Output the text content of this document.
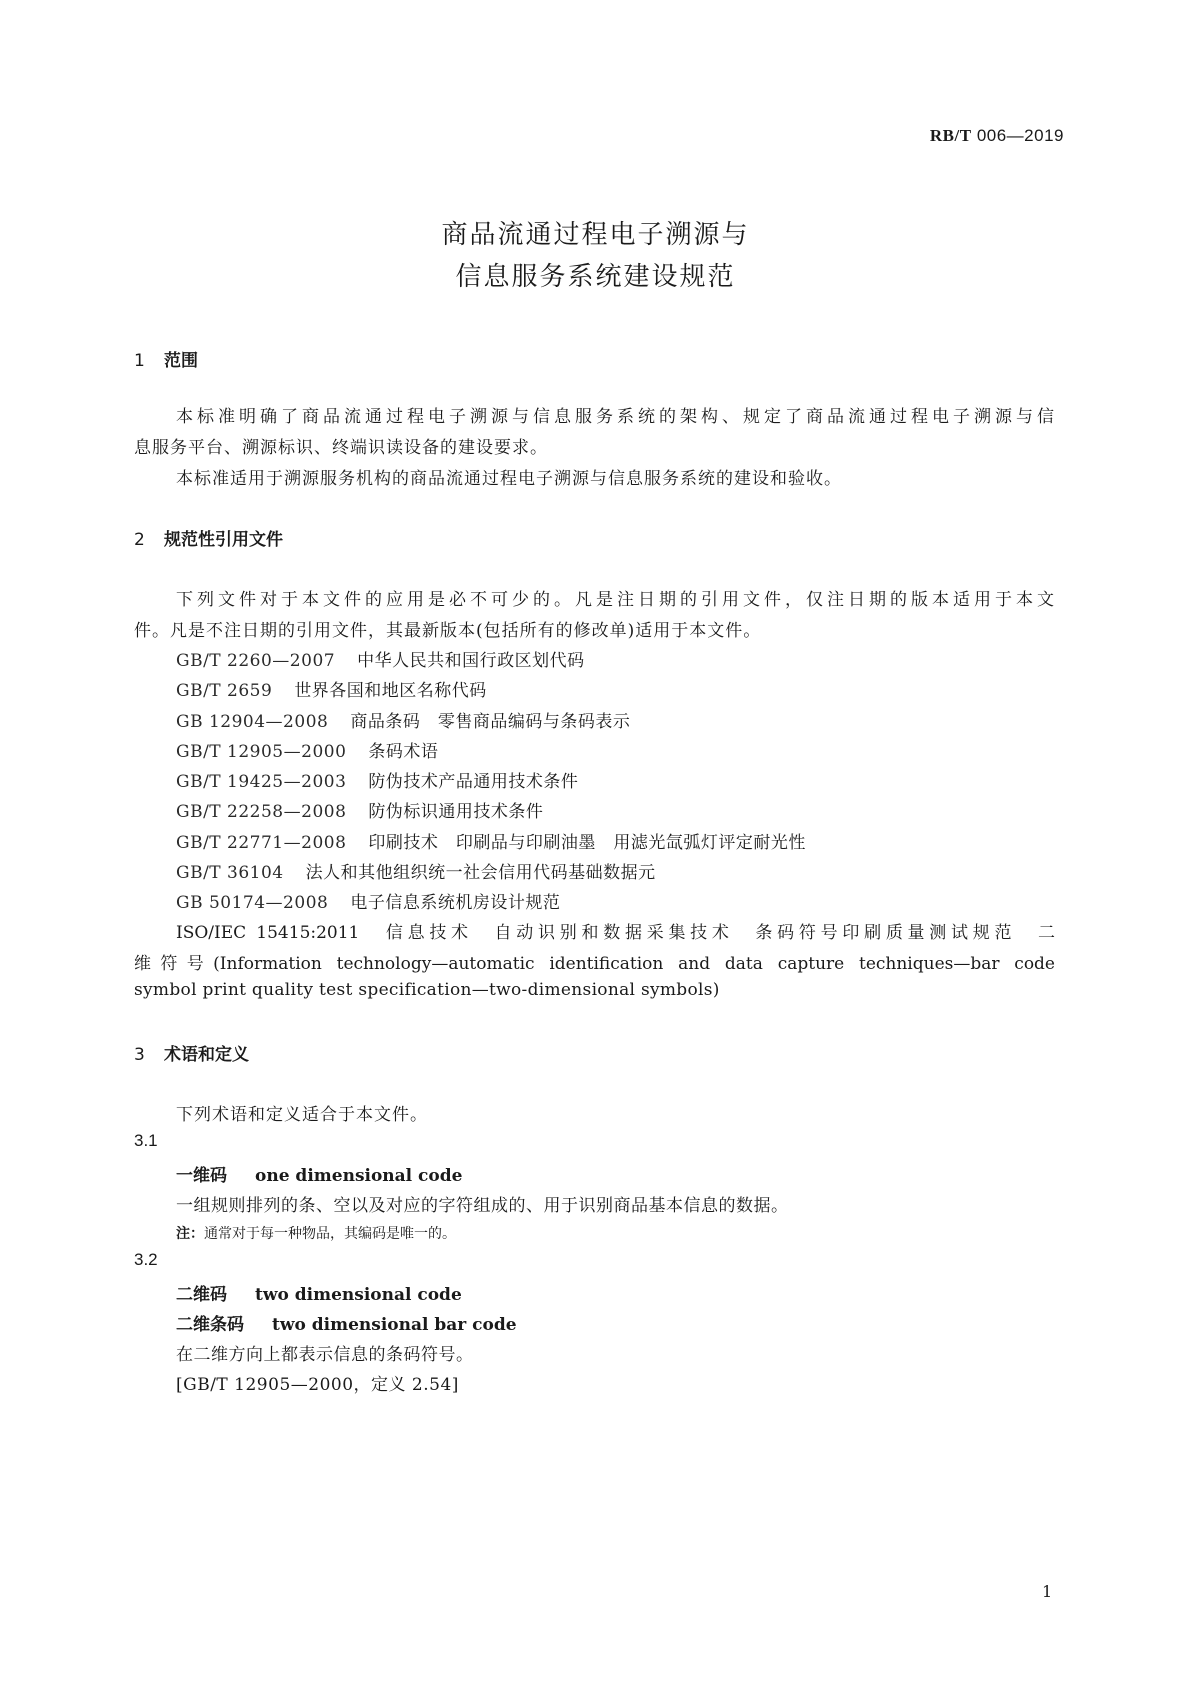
RB/T 006—2019
商品流通过程电子溯源与
信息服务系统建设规范
1 范围
本标准明确了商品流通过程电子溯源与信息服务系统的架构、规定了商品流通过程电子溯源与信
息服务平台、溯源标识、终端识读设备的建设要求。
本标准适用于溯源服务机构的商品流通过程电子溯源与信息服务系统的建设和验收。
2 规范性引用文件
下列文件对于本文件的应用是必不可少的。凡是注日期的引用文件，仅注日期的版本适用于本文
件。凡是不注日期的引用文件，其最新版本(包括所有的修改单)适用于本文件。
GB/T 2260—2007 中华人民共和国行政区划代码
GB/T 2659 世界各国和地区名称代码
GB 12904—2008 商品条码　零售商品编码与条码表示
GB/T 12905—2000 条码术语
GB/T 19425—2003 防伪技术产品通用技术条件
GB/T 22258—2008 防伪标识通用技术条件
GB/T 22771—2008 印刷技术　印刷品与印刷油墨　用滤光氙弧灯评定耐光性
GB/T 36104 法人和其他组织统一社会信用代码基础数据元
GB 50174—2008 电子信息系统机房设计规范
ISO/IEC 15415:2011　信息技术　自动识别和数据采集技术　条码符号印刷质量测试规范　二
维符号(Information technology—automatic identification and data capture techniques—bar code
symbol print quality test specification—two-dimensional symbols)
3 术语和定义
下列术语和定义适合于本文件。
3.1
一维码 one dimensional code
一组规则排列的条、空以及对应的字符组成的、用于识别商品基本信息的数据。
注：通常对于每一种物品，其编码是唯一的。
3.2
二维码 two dimensional code
二维条码 two dimensional bar code
在二维方向上都表示信息的条码符号。
[GB/T 12905—2000，定义 2.54]
1
